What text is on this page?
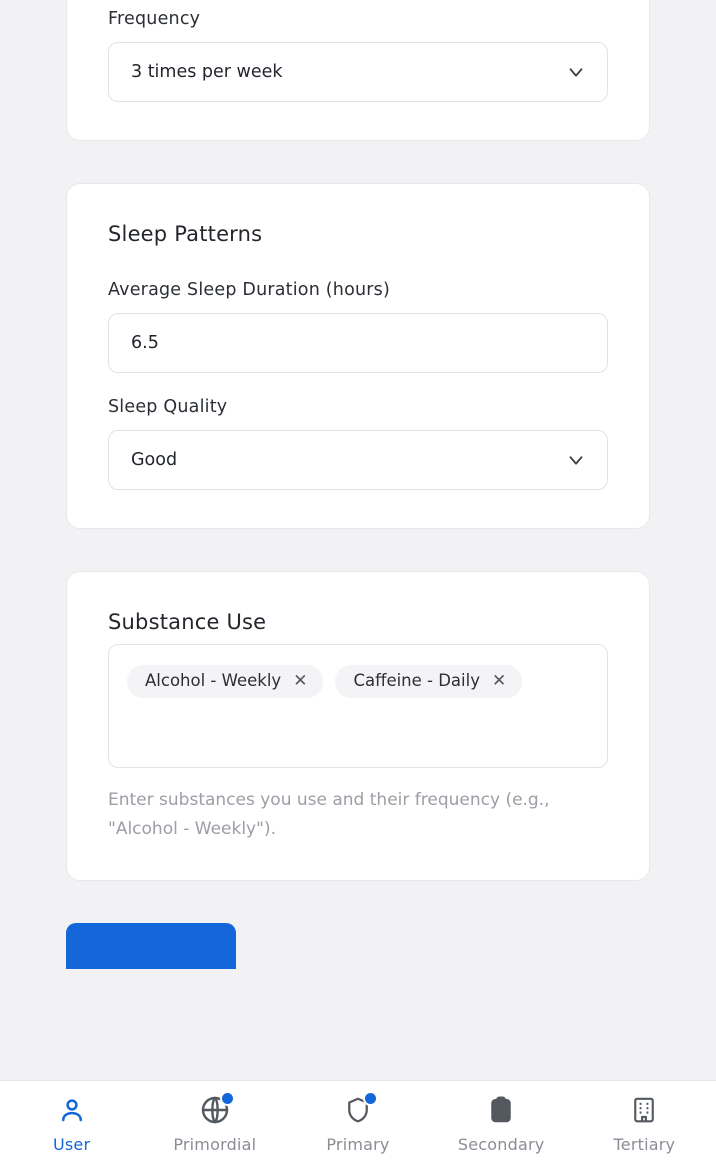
Frequency
3 times per week
Sleep Patterns
Average Sleep Duration (hours)
6.5
Sleep Quality
Good
Substance Use
Alcohol - Weekly ✕	Caffeine - Daily ✕
Enter substances you use and their frequency (e.g., "Alcohol - Weekly").
User	Primordial	Primary	Secondary	Tertiary
